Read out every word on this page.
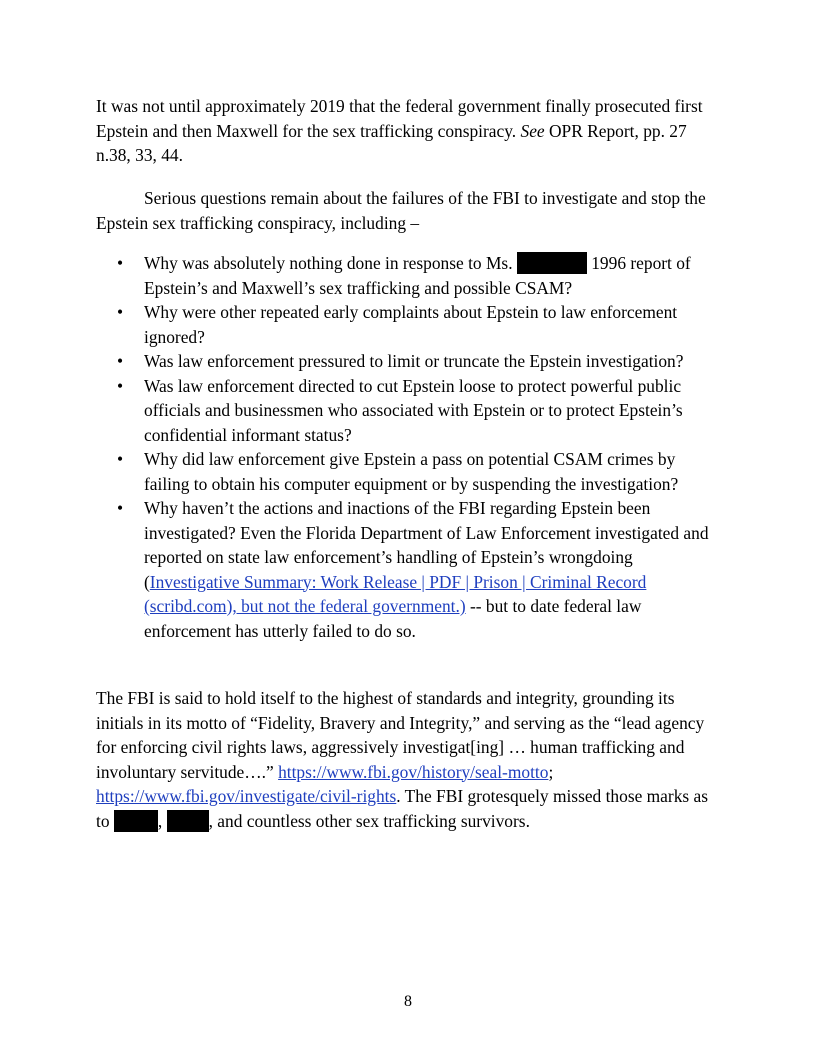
It was not until approximately 2019 that the federal government finally prosecuted first Epstein and then Maxwell for the sex trafficking conspiracy. See OPR Report, pp. 27 n.38, 33, 44.

Serious questions remain about the failures of the FBI to investigate and stop the Epstein sex trafficking conspiracy, including –

• Why was absolutely nothing done in response to Ms.	1996 report of Epstein’s and Maxwell’s sex trafficking and possible CSAM?
• Why were other repeated early complaints about Epstein to law enforcement ignored?
• Was law enforcement pressured to limit or truncate the Epstein investigation?
• Was law enforcement directed to cut Epstein loose to protect powerful public officials and businessmen who associated with Epstein or to protect Epstein’s confidential informant status?
• Why did law enforcement give Epstein a pass on potential CSAM crimes by failing to obtain his computer equipment or by suspending the investigation?
• Why haven’t the actions and inactions of the FBI regarding Epstein been investigated? Even the Florida Department of Law Enforcement investigated and reported on state law enforcement’s handling of Epstein’s wrongdoing (Investigative Summary: Work Release | PDF | Prison | Criminal Record (scribd.com), but not the federal government.) -- but to date federal law enforcement has utterly failed to do so.

The FBI is said to hold itself to the highest of standards and integrity, grounding its initials in its motto of “Fidelity, Bravery and Integrity,” and serving as the “lead agency for enforcing civil rights laws, aggressively investigat[ing] … human trafficking and involuntary servitude….” https://www.fbi.gov/history/seal-motto; https://www.fbi.gov/investigate/civil-rights. The FBI grotesquely missed those marks as to	, , and countless other sex trafficking survivors.

8
